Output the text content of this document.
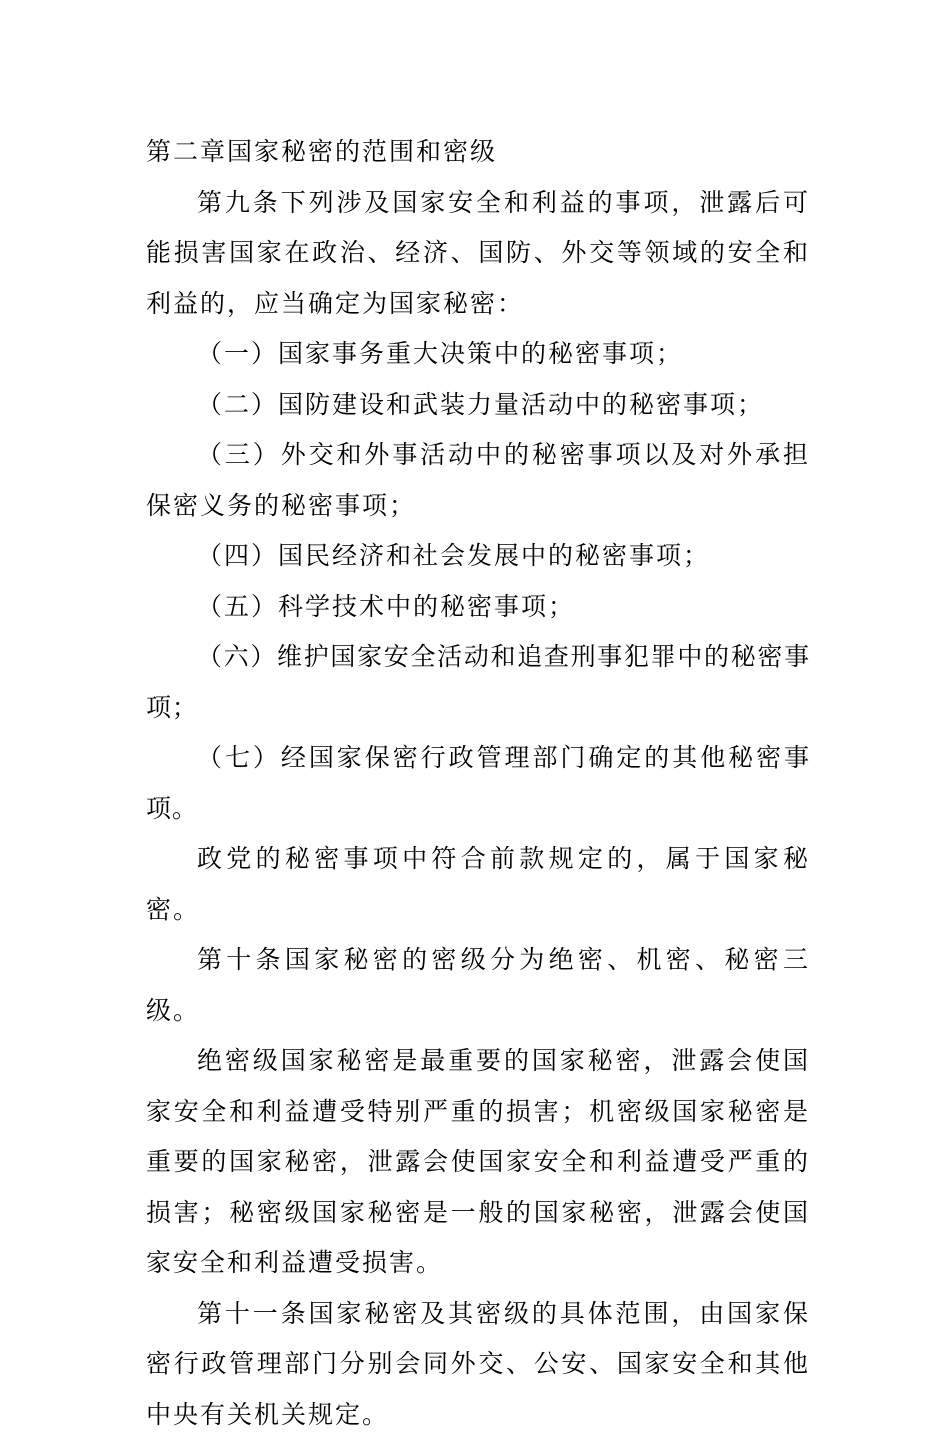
第二章国家秘密的范围和密级

第九条下列涉及国家安全和利益的事项，泄露后可能损害国家在政治、经济、国防、外交等领域的安全和利益的，应当确定为国家秘密：

（一）国家事务重大决策中的秘密事项；

（二）国防建设和武装力量活动中的秘密事项；

（三）外交和外事活动中的秘密事项以及对外承担保密义务的秘密事项；

（四）国民经济和社会发展中的秘密事项；

（五）科学技术中的秘密事项；

（六）维护国家安全活动和追查刑事犯罪中的秘密事项；

（七）经国家保密行政管理部门确定的其他秘密事项。

政党的秘密事项中符合前款规定的，属于国家秘密。

第十条国家秘密的密级分为绝密、机密、秘密三级。

绝密级国家秘密是最重要的国家秘密，泄露会使国家安全和利益遭受特别严重的损害；机密级国家秘密是重要的国家秘密，泄露会使国家安全和利益遭受严重的损害；秘密级国家秘密是一般的国家秘密，泄露会使国家安全和利益遭受损害。

第十一条国家秘密及其密级的具体范围，由国家保密行政管理部门分别会同外交、公安、国家安全和其他中央有关机关规定。
